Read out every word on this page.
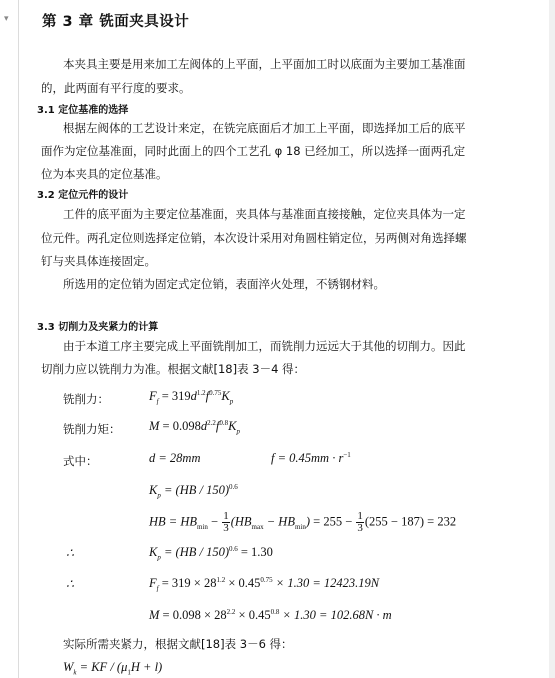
▾ 第 3 章 铣面夹具设计
本夹具主要是用来加工左阀体的上平面，上平面加工时以底面为主要加工基准面
的，此两面有平行度的要求。
3.1 定位基准的选择
根据左阀体的工艺设计来定，在铣完底面后才加工上平面，即选择加工后的底平
面作为定位基准面，同时此面上的四个工艺孔 φ 18 已经加工，所以选择一面两孔定
位为本夹具的定位基准。
3.2 定位元件的设计
工件的底平面为主要定位基准面，夹具体与基准面直接接触，定位夹具体为一定
位元件。两孔定位则选择定位销，本次设计采用对角圆柱销定位，另两侧对角选择螺
钉与夹具体连接固定。
所选用的定位销为固定式定位销，表面淬火处理，不锈钢材料。
3.3 切削力及夹紧力的计算
由于本道工序主要完成上平面铣削加工，而铣削力远远大于其他的切削力。因此
切削力应以铣削力为准。根据文献[18]表 3－4 得：
铣削力：	$F_f = 319d^{1.2}f^{0.75}K_p$
铣削力矩： $M = 0.098d^{2.2}f^{0.8}K_p$
式中：	d = 28mm	$f = 0.45mm \cdot r^{-1}$
$K_p = (HB / 150)^{0.6}$
HB = $HB_{min} - \frac{1}{3} (HB_{max} - HB_{min}) = 255 - \frac{1}{3} (255 - 187) = 232$
∴	$K_p = (HB / 150)^{0.6} = 1.30$
∴	$F_f = 319 \times 28^{1.2} \times 0.45^{0.75} \times 1.30 = 12423.19N$
$M = 0.098 \times 28^{2.2} \times 0.45^{0.8} \times 1.30 = 102.68N \cdot m$
实际所需夹紧力，根据文献[18]表 3－6 得：
$W_k$ = KF / $(\mu_1H + l)$
